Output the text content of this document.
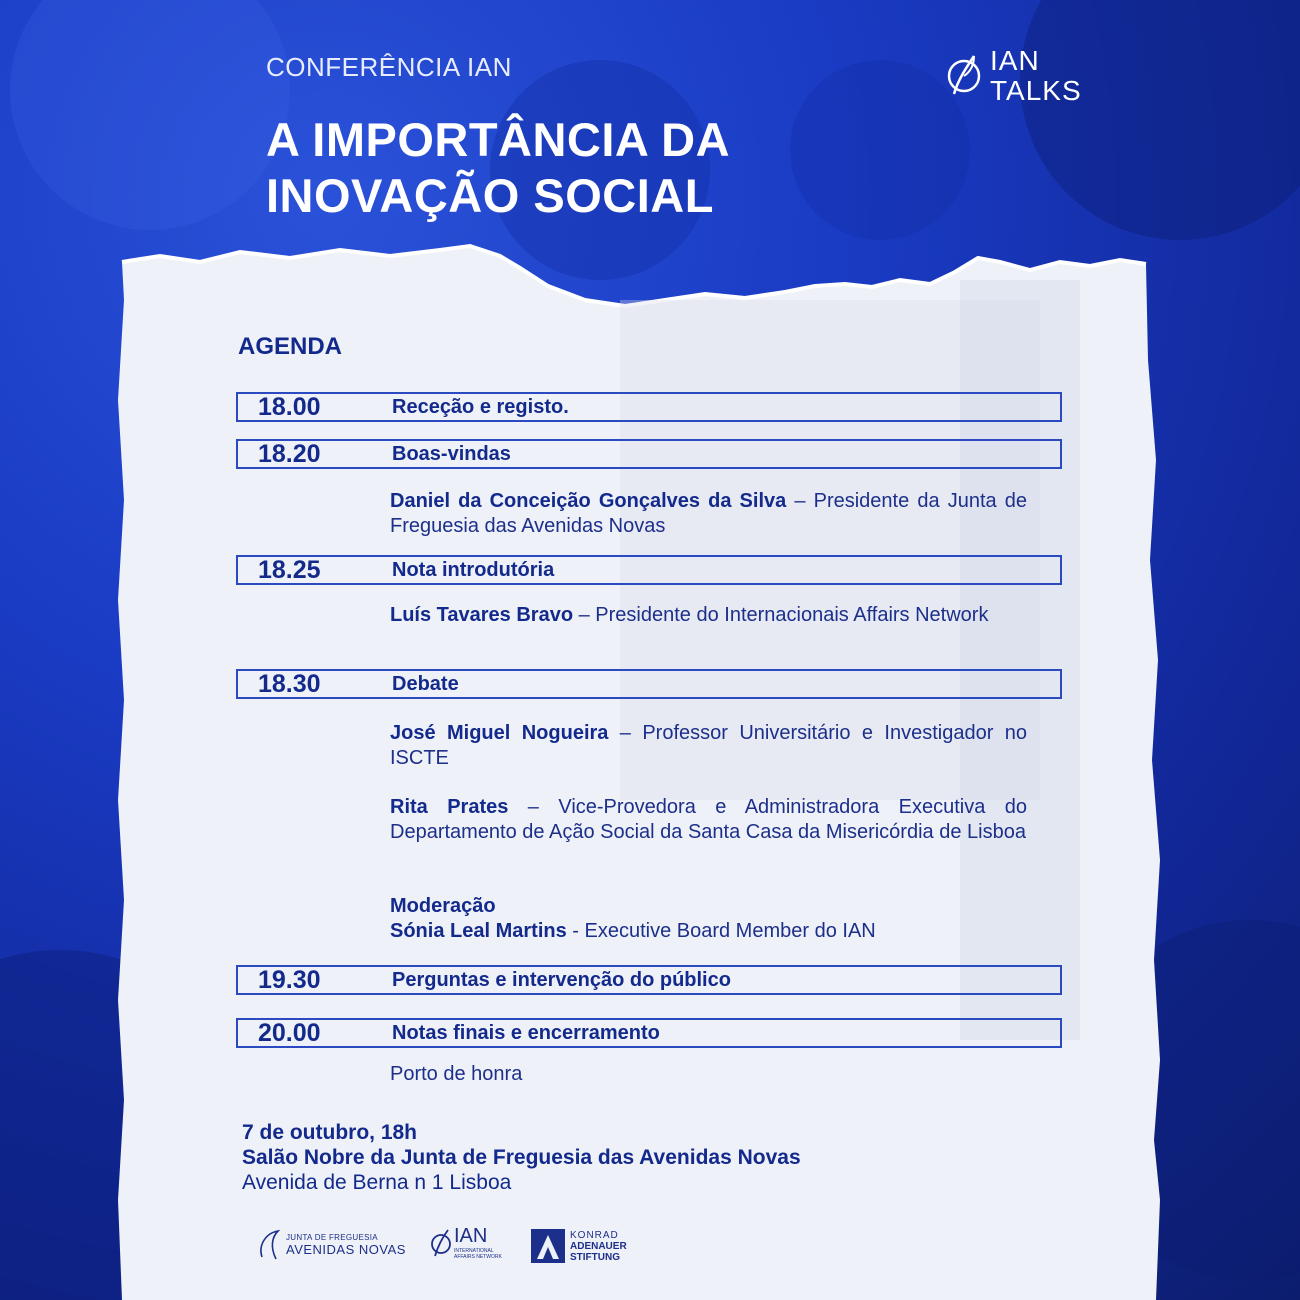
CONFERÊNCIA IAN
A IMPORTÂNCIA DA
INOVAÇÃO SOCIAL
IAN
TALKS
AGENDA
18.00	Receção e registo.
18.20	Boas-vindas
Daniel da Conceição Gonçalves da Silva – Presidente da Junta de Freguesia das Avenidas Novas
18.25	Nota introdutória
Luís Tavares Bravo – Presidente do Internacionais Affairs Network
18.30	Debate
José Miguel Nogueira – Professor Universitário e Investigador no ISCTE
Rita Prates – Vice-Provedora e Administradora Executiva do Departamento de Ação Social da Santa Casa da Misericórdia de Lisboa
Moderação
Sónia Leal Martins - Executive Board Member do IAN
19.30	Perguntas e intervenção do público
20.00	Notas finais e encerramento
Porto de honra
7 de outubro, 18h
Salão Nobre da Junta de Freguesia das Avenidas Novas
Avenida de Berna n 1 Lisboa
JUNTA DE FREGUESIA
AVENIDAS NOVAS
IAN
INTERNATIONAL
AFFAIRS NETWORK
KONRAD
ADENAUER
STIFTUNG
